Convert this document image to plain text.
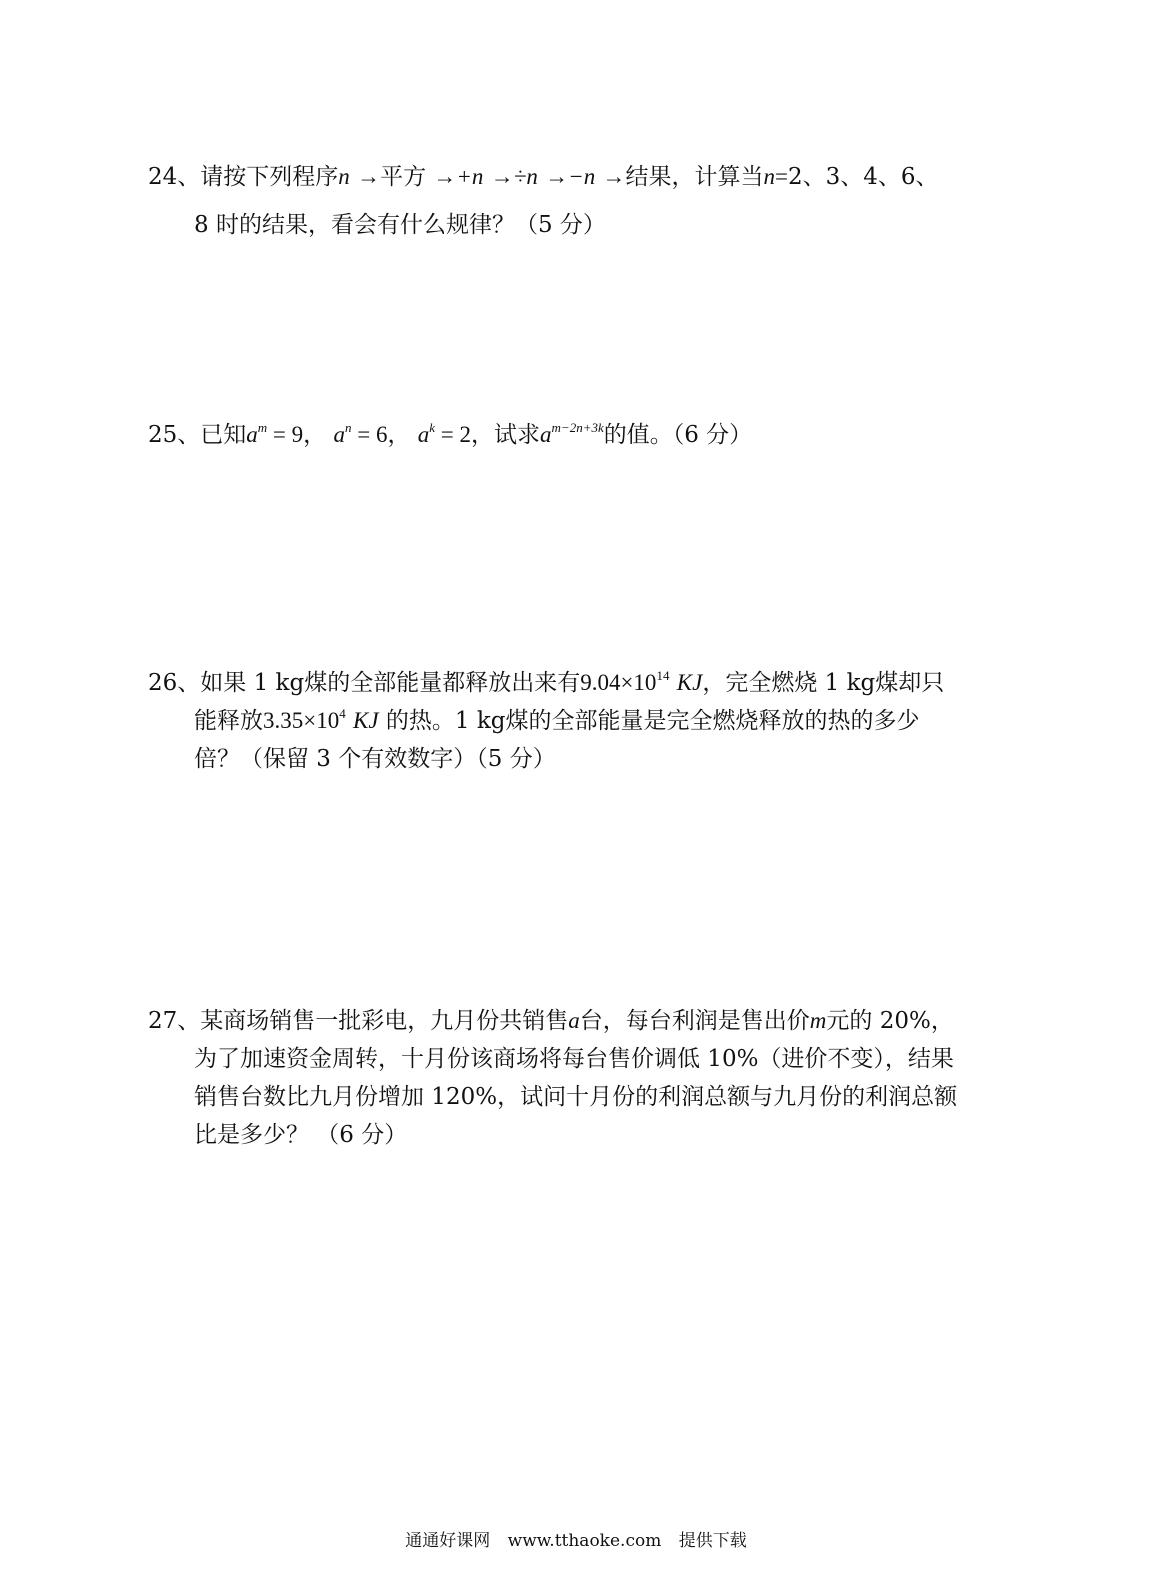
24、请按下列程序n →平方 →+n →÷n →−n →结果，计算当n=2、3、4、6、
8 时的结果，看会有什么规律？（5 分）
25、已知$a^m = 9$， $a^n = 6$， $a^k = 2$，试求$a^{m-2n+3k}$的值。（6 分）
26、如果 1 kg煤的全部能量都释放出来有$9.04\times 10^{14}$ KJ，完全燃烧 1 kg煤却只
能释放$3.35\times 10^4$ KJ 的热。1 kg煤的全部能量是完全燃烧释放的热的多少
倍？（保留 3 个有效数字）（5 分）
27、某商场销售一批彩电，九月份共销售a台，每台利润是售出价m元的 20%，
为了加速资金周转，十月份该商场将每台售价调低 10%（进价不变），结果
销售台数比九月份增加 120%，试问十月份的利润总额与九月份的利润总额
比是多少？ （6 分）
通通好课网 www.tthaoke.com 提供下载
